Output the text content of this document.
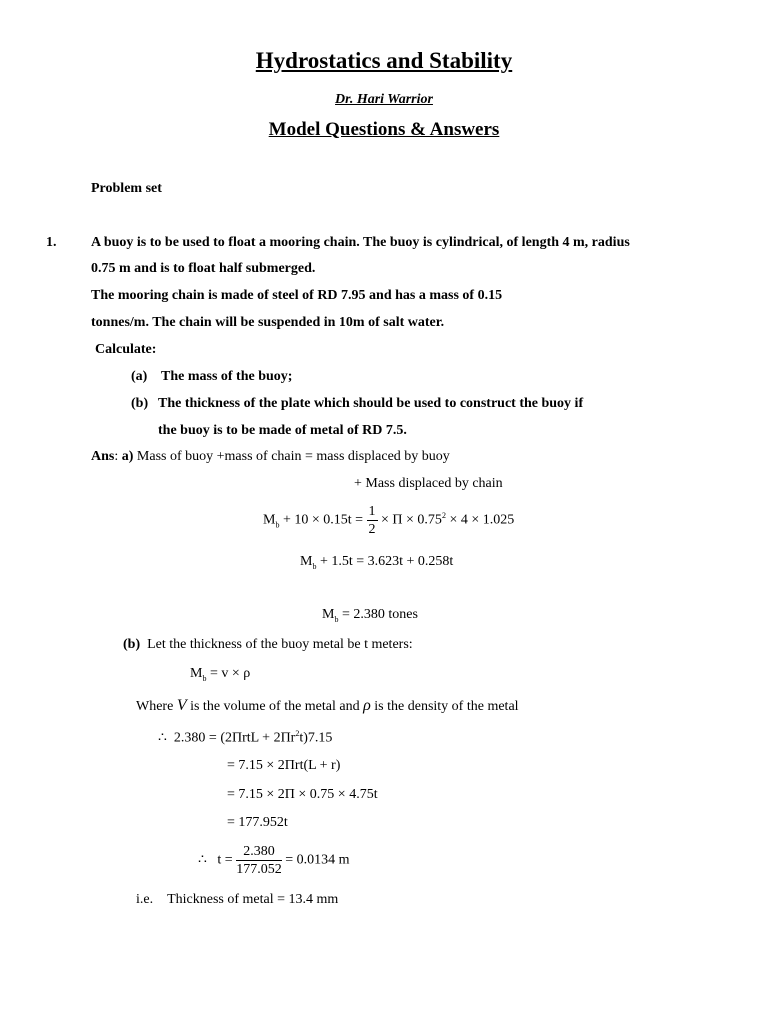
Hydrostatics and Stability
Dr. Hari Warrior
Model Questions & Answers
Problem set
1. A buoy is to be used to float a mooring chain. The buoy is cylindrical, of length 4 m, radius
0.75 m and is to float half submerged.
The mooring chain is made of steel of RD 7.95 and has a mass of 0.15
tonnes/m. The chain will be suspended in 10m of salt water.
Calculate:
(a) The mass of the buoy;
(b) The thickness of the plate which should be used to construct the buoy if
the buoy is to be made of metal of RD 7.5.
Ans: a) Mass of buoy +mass of chain = mass displaced by buoy
+ Mass displaced by chain
$M_b + 10 \times 0.15t = \frac{1}{2} \times \Pi \times 0.75^2 \times 4 \times 1.025$
$M_b + 1.5t = 3.623t + 0.258t$
$M_b = 2.380$ tones
(b) Let the thickness of the buoy metal be t meters:
$M_b = v \times \rho$
Where V is the volume of the metal and ρ is the density of the metal
∴ $2.380 = (2\Pi rtL + 2\Pi r^2t)7.15$
= 7.15 × 2Πrt(L + r)
= 7.15 × 2Π × 0.75 × 4.75t
= 177.952t
∴ $t = \frac{2.380}{177.052} = 0.0134$ m
i.e. Thickness of metal = 13.4 mm
